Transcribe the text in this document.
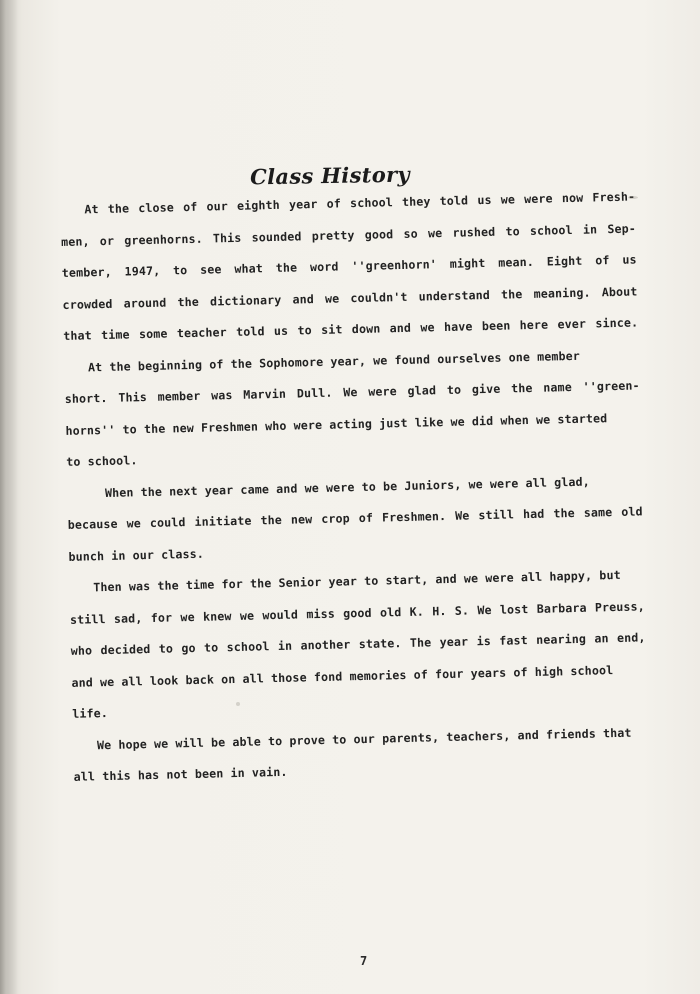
Class History
At the close of our eighth year of school they told us we were now Fresh-
men, or greenhorns. This sounded pretty good so we rushed to school in Sep-
tember, 1947, to see what the word ''greenhorn' might mean. Eight of us
crowded around the dictionary and we couldn't understand the meaning. About
that time some teacher told us to sit down and we have been here ever since.
At the beginning of the Sophomore year, we found ourselves one member
short. This member was Marvin Dull. We were glad to give the name ''green-
horns'' to the new Freshmen who were acting just like we did when we started
to school.
When the next year came and we were to be Juniors, we were all glad,
because we could initiate the new crop of Freshmen. We still had the same old
bunch in our class.
Then was the time for the Senior year to start, and we were all happy, but
still sad, for we knew we would miss good old K. H. S. We lost Barbara Preuss,
who decided to go to school in another state. The year is fast nearing an end,
and we all look back on all those fond memories of four years of high school
life.
We hope we will be able to prove to our parents, teachers, and friends that
all this has not been in vain.
7
